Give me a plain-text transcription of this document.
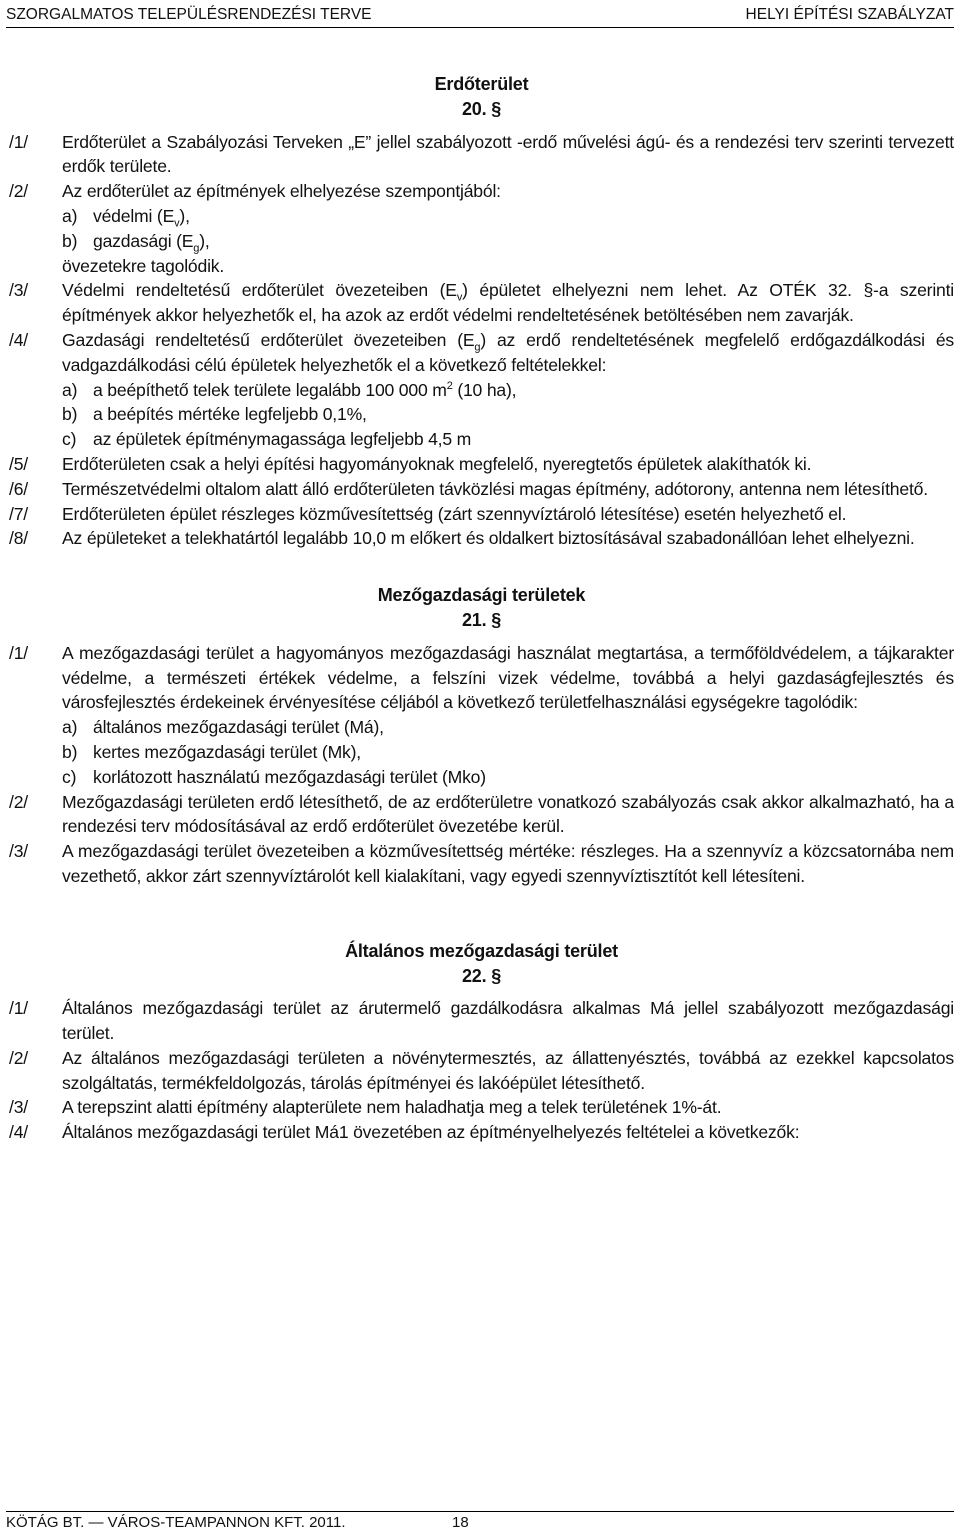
SZORGALMATOS TELEPÜLÉSRENDEZÉSI TERVE	HELYI ÉPÍTÉSI SZABÁLYZAT
Erdőterület
20. §
/1/	Erdőterület a Szabályozási Terveken „E” jellel szabályozott -erdő művelési ágú- és a rendezési terv szerinti tervezett erdők területe.
/2/	Az erdőterület az építmények elhelyezése szempontjából:
a) védelmi $(E_v)$,
b) gazdasági $(E_g)$,
övezetekre tagolódik.
/3/	Védelmi rendeltetésű erdőterület övezeteiben $(E_v)$ épületet elhelyezni nem lehet. Az OTÉK 32. §-a szerinti építmények akkor helyezhetők el, ha azok az erdőt védelmi rendeltetésének betöltésében nem zavarják.
/4/	Gazdasági rendeltetésű erdőterület övezeteiben $(E_g)$ az erdő rendeltetésének megfelelő erdőgazdálkodási és vadgazdálkodási célú épületek helyezhetők el a következő feltételekkel:
a) a beépíthető telek területe legalább 100 000 $m^2$ (10 ha),
b) a beépítés mértéke legfeljebb 0,1%,
c) az épületek építménymagassága legfeljebb 4,5 m
/5/	Erdőterületen csak a helyi építési hagyományoknak megfelelő, nyeregtetős épületek alakíthatók ki.
/6/	Természetvédelmi oltalom alatt álló erdőterületen távközlési magas építmény, adótorony, antenna nem létesíthető.
/7/	Erdőterületen épület részleges közművesítettség (zárt szennyvíztároló létesítése) esetén helyezhető el.
/8/	Az épületeket a telekhatártól legalább 10,0 m előkert és oldalkert biztosításával szabadonállóan lehet elhelyezni.
Mezőgazdasági területek
21. §
/1/	A mezőgazdasági terület a hagyományos mezőgazdasági használat megtartása, a termőföldvédelem, a tájkarakter védelme, a természeti értékek védelme, a felszíni vizek védelme, továbbá a helyi gazdaságfejlesztés és városfejlesztés érdekeinek érvényesítése céljából a következő területfelhasználási egységekre tagolódik:
a) általános mezőgazdasági terület (Má),
b) kertes mezőgazdasági terület (Mk),
c) korlátozott használatú mezőgazdasági terület (Mko)
/2/	Mezőgazdasági területen erdő létesíthető, de az erdőterületre vonatkozó szabályozás csak akkor alkalmazható, ha a rendezési terv módosításával az erdő erdőterület övezetébe kerül.
/3/	A mezőgazdasági terület övezeteiben a közművesítettség mértéke: részleges. Ha a szennyvíz a közcsatornába nem vezethető, akkor zárt szennyvíztárolót kell kialakítani, vagy egyedi szennyvíztisztítót kell létesíteni.
Általános mezőgazdasági terület
22. §
/1/	Általános mezőgazdasági terület az árutermelő gazdálkodásra alkalmas Má jellel szabályozott mezőgazdasági terület.
/2/	Az általános mezőgazdasági területen a növénytermesztés, az állattenyésztés, továbbá az ezekkel kapcsolatos szolgáltatás, termékfeldolgozás, tárolás építményei és lakóépület létesíthető.
/3/	A terepszint alatti építmény alapterülete nem haladhatja meg a telek területének 1%-át.
/4/	Általános mezőgazdasági terület Má1 övezetében az építményelhelyezés feltételei a következők:
KÖTÁG BT. — VÁROS-TEAMPANNON KFT. 2011.	18
